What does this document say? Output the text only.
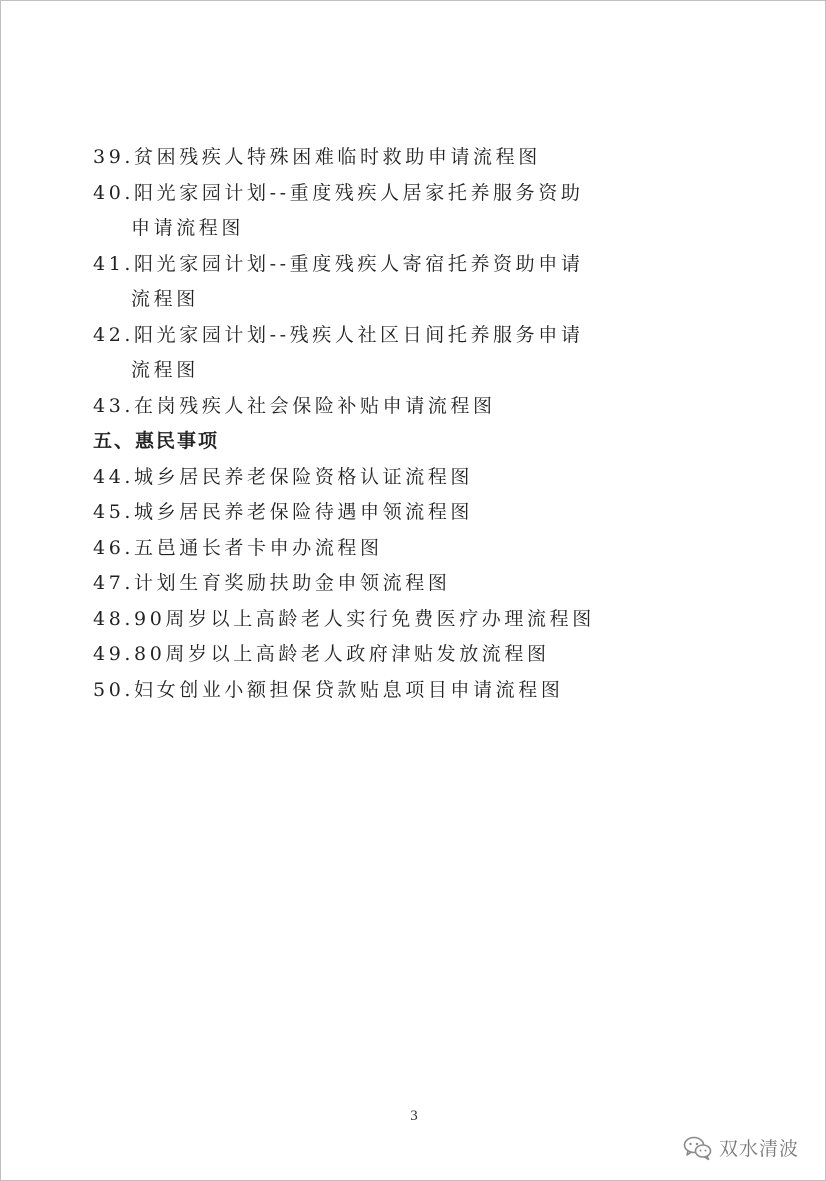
39.贫困残疾人特殊困难临时救助申请流程图
40.阳光家园计划--重度残疾人居家托养服务资助
申请流程图
41.阳光家园计划--重度残疾人寄宿托养资助申请
流程图
42.阳光家园计划--残疾人社区日间托养服务申请
流程图
43.在岗残疾人社会保险补贴申请流程图
五、惠民事项
44.城乡居民养老保险资格认证流程图
45.城乡居民养老保险待遇申领流程图
46.五邑通长者卡申办流程图
47.计划生育奖励扶助金申领流程图
48.90周岁以上高龄老人实行免费医疗办理流程图
49.80周岁以上高龄老人政府津贴发放流程图
50.妇女创业小额担保贷款贴息项目申请流程图
3
双水清波
